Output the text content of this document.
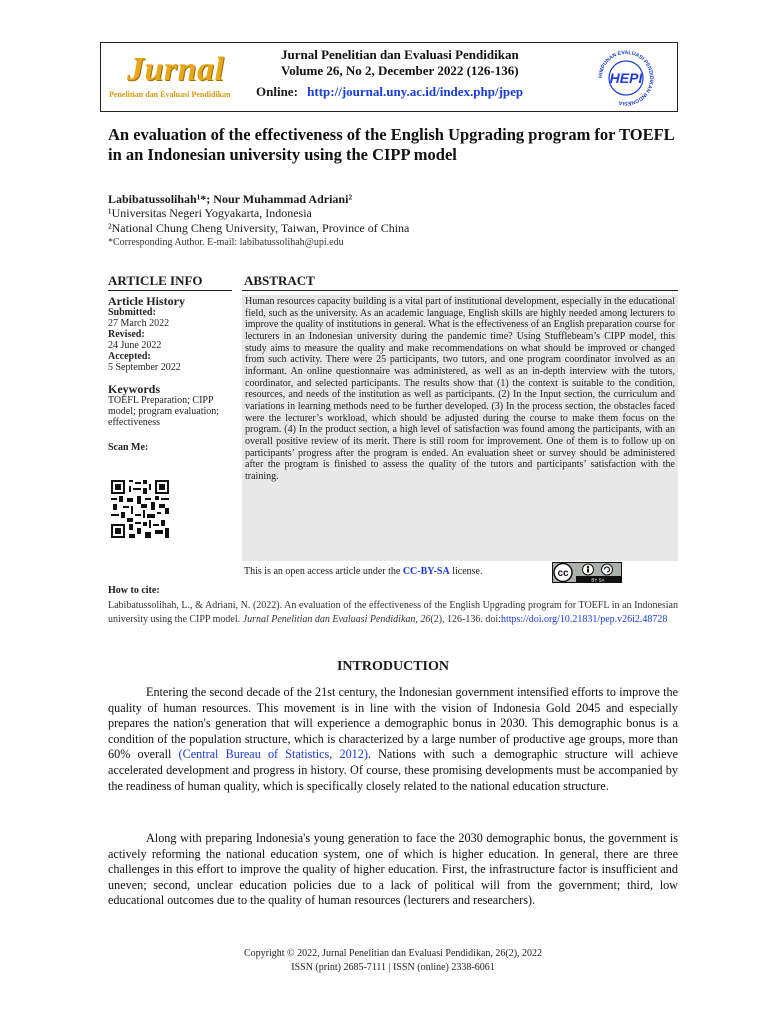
Jurnal
Penelitian dan Evaluasi Pendidikan
Jurnal Penelitian dan Evaluasi Pendidikan
Volume 26, No 2, December 2022 (126-136)
Online: http://journal.uny.ac.id/index.php/jpep
HIMPUNAN EVALUASI PENDIDIKAN INDONESIA
HEPI
An evaluation of the effectiveness of the English Upgrading program for TOEFL in an Indonesian university using the CIPP model
Labibatussolihah¹*; Nour Muhammad Adriani²
¹Universitas Negeri Yogyakarta, Indonesia
²National Chung Cheng University, Taiwan, Province of China
*Corresponding Author. E-mail: labibatussolihah@upi.edu
ARTICLE INFO	ABSTRACT
Article History
Submitted:
27 March 2022
Revised:
24 June 2022
Accepted:
5 September 2022
Keywords
TOEFL Preparation; CIPP model; program evaluation; effectiveness
Scan Me:
Human resources capacity building is a vital part of institutional development, especially in the educational field, such as the university. As an academic language, English skills are highly needed among lecturers to improve the quality of institutions in general. What is the effectiveness of an English preparation course for lecturers in an Indonesian university during the pandemic time? Using Stufflebeam’s CIPP model, this study aims to measure the quality and make recommendations on what should be improved or changed from such activity. There were 25 participants, two tutors, and one program coordinator involved as an informant. An online questionnaire was administered, as well as an in-depth interview with the tutors, coordinator, and selected participants. The results show that (1) the context is suitable to the condition, resources, and needs of the institution as well as participants. (2) In the Input section, the curriculum and variations in learning methods need to be further developed. (3) In the process section, the obstacles faced were the lecturer’s workload, which should be adjusted during the course to make them focus on the program. (4) In the product section, a high level of satisfaction was found among the participants, with an overall positive review of its merit. There is still room for improvement. One of them is to follow up on participants’ progress after the program is ended. An evaluation sheet or survey should be administered after the program is finished to assess the quality of the tutors and participants’ satisfaction with the training.
This is an open access article under the CC-BY-SA license.	cc
BY SA
How to cite:
Labibatussolihah, L., & Adriani, N. (2022). An evaluation of the effectiveness of the English Upgrading program for TOEFL in an Indonesian university using the CIPP model. Jurnal Penelitian dan Evaluasi Pendidikan, 26(2), 126-136. doi:https://doi.org/10.21831/pep.v26i2.48728
INTRODUCTION
Entering the second decade of the 21st century, the Indonesian government intensified efforts to improve the quality of human resources. This movement is in line with the vision of Indonesia Gold 2045 and especially prepares the nation's generation that will experience a demographic bonus in 2030. This demographic bonus is a condition of the population structure, which is characterized by a large number of productive age groups, more than 60% overall (Central Bureau of Statistics, 2012). Nations with such a demographic structure will achieve accelerated development and progress in history. Of course, these promising developments must be accompanied by the readiness of human quality, which is specifically closely related to the national education structure.
Along with preparing Indonesia's young generation to face the 2030 demographic bonus, the government is actively reforming the national education system, one of which is higher education. In general, there are three challenges in this effort to improve the quality of higher education. First, the infrastructure factor is insufficient and uneven; second, unclear education policies due to a lack of political will from the government; third, low educational outcomes due to the quality of human resources (lecturers and researchers).
Copyright © 2022, Jurnal Penelitian dan Evaluasi Pendidikan, 26(2), 2022
ISSN (print) 2685-7111 | ISSN (online) 2338-6061
